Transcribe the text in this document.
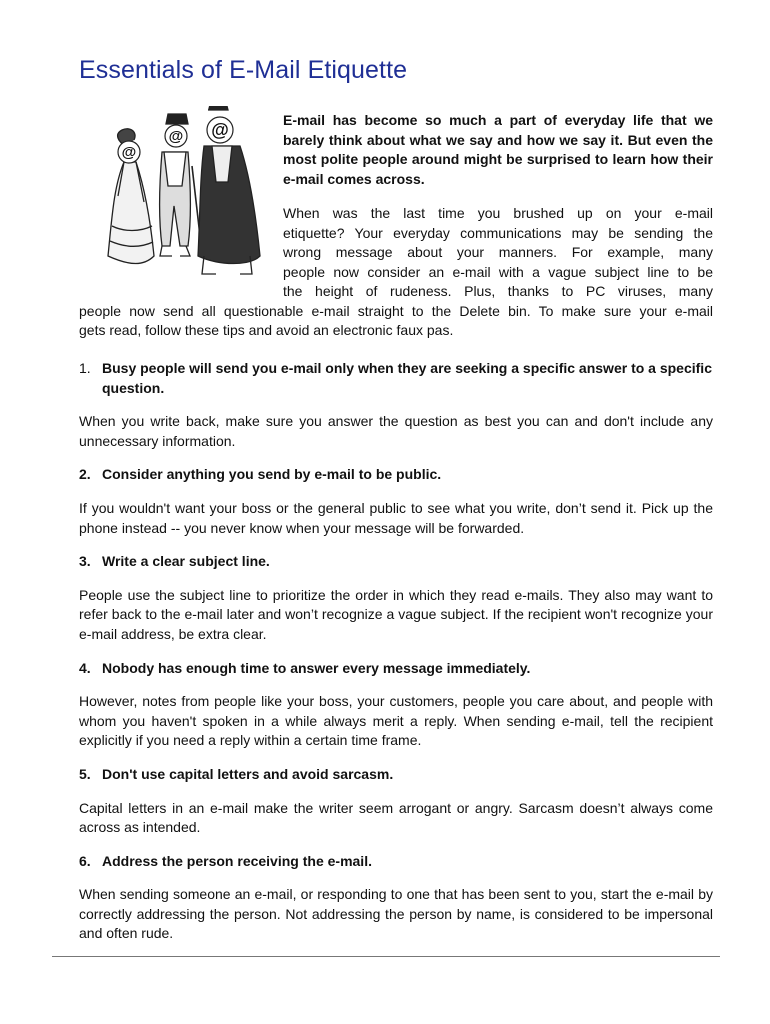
Essentials of E-Mail Etiquette
@
@ @	E-mail has become so much a part of everyday life that we barely think about what we say and how we say it. But even the most polite people around might be surprised to learn how their e-mail comes across.

When was the last time you brushed up on your e-mail
etiquette? Your everyday communications may be sending the
wrong message about your manners. For example, many
people now consider an e-mail with a vague subject line to be
the height of rudeness. Plus, thanks to PC viruses, many
people now send all questionable e-mail straight to the Delete bin. To make sure your e-mail
gets read, follow these tips and avoid an electronic faux pas.

1. Busy people will send you e-mail only when they are seeking a specific answer to a specific question.

When you write back, make sure you answer the question as best you can and don't include any unnecessary information.

2. Consider anything you send by e-mail to be public.

If you wouldn't want your boss or the general public to see what you write, don’t send it. Pick up the phone instead -- you never know when your message will be forwarded.

3. Write a clear subject line.

People use the subject line to prioritize the order in which they read e-mails. They also may want to refer back to the e-mail later and won’t recognize a vague subject. If the recipient won't recognize your e-mail address, be extra clear.

4. Nobody has enough time to answer every message immediately.

However, notes from people like your boss, your customers, people you care about, and people with whom you haven't spoken in a while always merit a reply. When sending e-mail, tell the recipient explicitly if you need a reply within a certain time frame.

5. Don't use capital letters and avoid sarcasm.

Capital letters in an e-mail make the writer seem arrogant or angry. Sarcasm doesn’t always come across as intended.

6. Address the person receiving the e-mail.

When sending someone an e-mail, or responding to one that has been sent to you, start the e-mail by correctly addressing the person. Not addressing the person by name, is considered to be impersonal and often rude.
